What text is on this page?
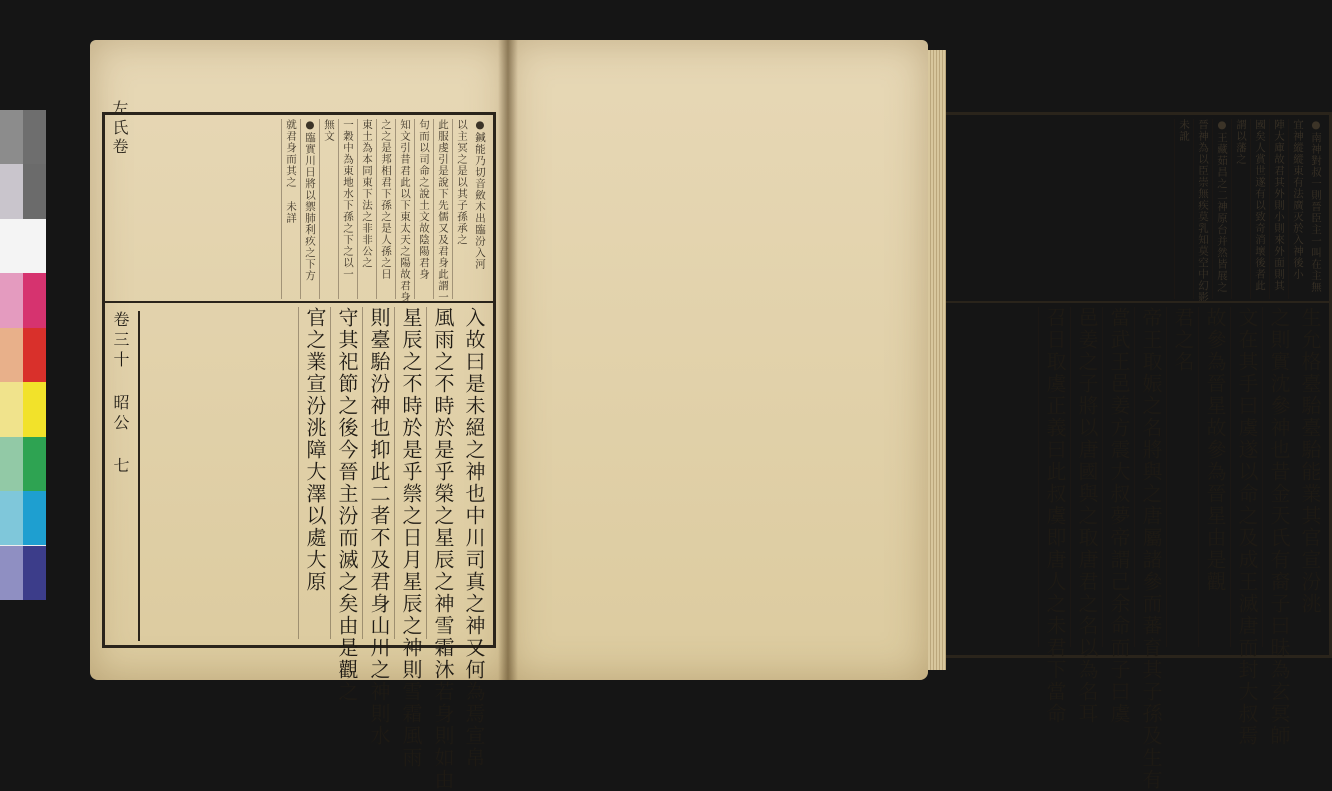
左氏卷	●鍼能乃切音斂木出臨汾入河
以主冥之是以其子孫承之
此服虔引是說下先儒又及君身此謂一
句而以司命之說土文故陰陽君身
知文引昔君此以下東太天之陽故君身
之之是邦相君下孫之是人孫之日
東土為本同東下法之非非公之
一穀中為東地水下孫之下之以一
無文
●臨實川日將以禦肺利疚之下方
就君身而其之 未詳
入故曰是未絕之神也中川司真之神又何為焉宣帛
風雨之不時於是乎榮之星辰之神雪霜沐若身則如由
星辰之不時於是乎禜之日月星辰之神則雪霜風雨
則臺駘汾神也抑此二者不及君身山川之神則水
守其祀節之後今晉主汾而滅之矣由是觀之
官之業宣汾洮障大澤以處大原
卷三十 昭公 七
●南神對叔一則晉臣主一叫在主無
宜神縱縱東有法廣灭於入神後小
陣大庫故君其外則小則來外面則其
國矣人賞世遂有以致奇消壞後者此
謂以藩之
●王藏茹昌之二神原台并然皆展之
晉神為以臣崇無疾莫乳知莫空中幻影
未訛
生允格臺駘臺駘能業其官宣汾洮
之則實沈參神也昔金天氏有裔子曰昧為玄冥師
文在其手曰虞遂以命之及成王滅唐而封大叔焉
故參為晉星故參為晉星由是觀
君之名
帝王取娠之名將與之唐屬諸參而蕃育其子孫及生有
當武王邑姜方震大叔夢帝謂己余命而子曰虞
邑姜之子將以唐國與之取唐君之名以為名耳
召日取虞正義曰此叔虞即唐人之未君下當命
